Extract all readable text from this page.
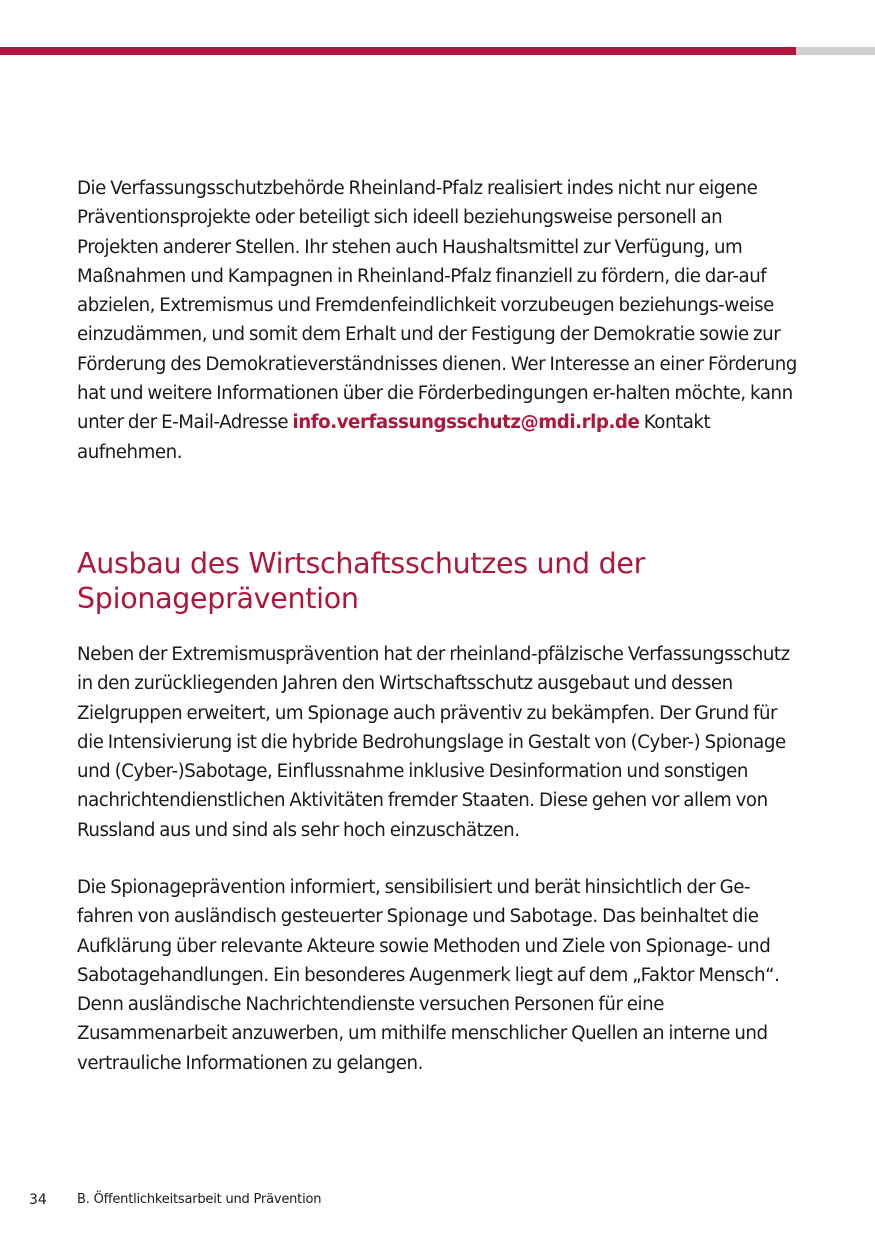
Die Verfassungsschutzbehörde Rheinland-Pfalz realisiert indes nicht nur eigene Präventionsprojekte oder beteiligt sich ideell beziehungsweise personell an Projekten anderer Stellen. Ihr stehen auch Haushaltsmittel zur Verfügung, um Maßnahmen und Kampagnen in Rheinland-Pfalz finanziell zu fördern, die dar-auf abzielen, Extremismus und Fremdenfeindlichkeit vorzubeugen beziehungs-weise einzudämmen, und somit dem Erhalt und der Festigung der Demokratie sowie zur Förderung des Demokratieverständnisses dienen. Wer Interesse an einer Förderung hat und weitere Informationen über die Förderbedingungen er-halten möchte, kann unter der E-Mail-Adresse info.verfassungsschutz@mdi.rlp.de Kontakt aufnehmen.

Ausbau des Wirtschaftsschutzes und der Spionageprävention

Neben der Extremismusprävention hat der rheinland-pfälzische Verfassungsschutz in den zurückliegenden Jahren den Wirtschaftsschutz ausgebaut und dessen Zielgruppen erweitert, um Spionage auch präventiv zu bekämpfen. Der Grund für die Intensivierung ist die hybride Bedrohungslage in Gestalt von (Cyber-) Spionage und (Cyber-)Sabotage, Einflussnahme inklusive Desinformation und sonstigen nachrichtendienstlichen Aktivitäten fremder Staaten. Diese gehen vor allem von Russland aus und sind als sehr hoch einzuschätzen.

Die Spionageprävention informiert, sensibilisiert und berät hinsichtlich der Ge-fahren von ausländisch gesteuerter Spionage und Sabotage. Das beinhaltet die Aufklärung über relevante Akteure sowie Methoden und Ziele von Spionage- und Sabotagehandlungen. Ein besonderes Augenmerk liegt auf dem „Faktor Mensch“. Denn ausländische Nachrichtendienste versuchen Personen für eine Zusammenarbeit anzuwerben, um mithilfe menschlicher Quellen an interne und vertrauliche Informationen zu gelangen.

34 B. Öffentlichkeitsarbeit und Prävention
